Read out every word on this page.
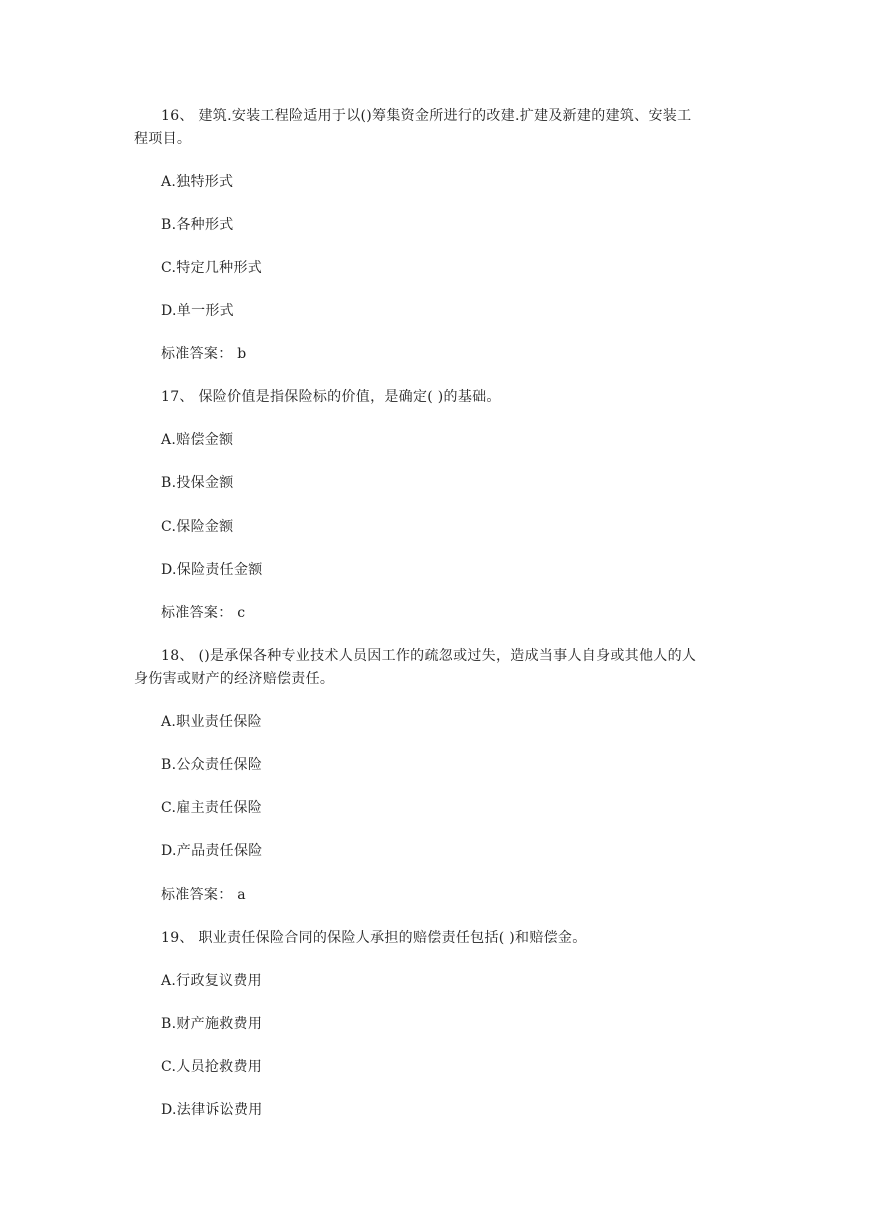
16、 建筑.安装工程险适用于以()筹集资金所进行的改建.扩建及新建的建筑、安装工
程项目。
A.独特形式
B.各种形式
C.特定几种形式
D.单一形式
标准答案： b
17、 保险价值是指保险标的价值，是确定( )的基础。
A.赔偿金额
B.投保金额
C.保险金额
D.保险责任金额
标准答案： c
18、 ()是承保各种专业技术人员因工作的疏忽或过失，造成当事人自身或其他人的人
身伤害或财产的经济赔偿责任。
A.职业责任保险
B.公众责任保险
C.雇主责任保险
D.产品责任保险
标准答案： a
19、 职业责任保险合同的保险人承担的赔偿责任包括( )和赔偿金。
A.行政复议费用
B.财产施救费用
C.人员抢救费用
D.法律诉讼费用
